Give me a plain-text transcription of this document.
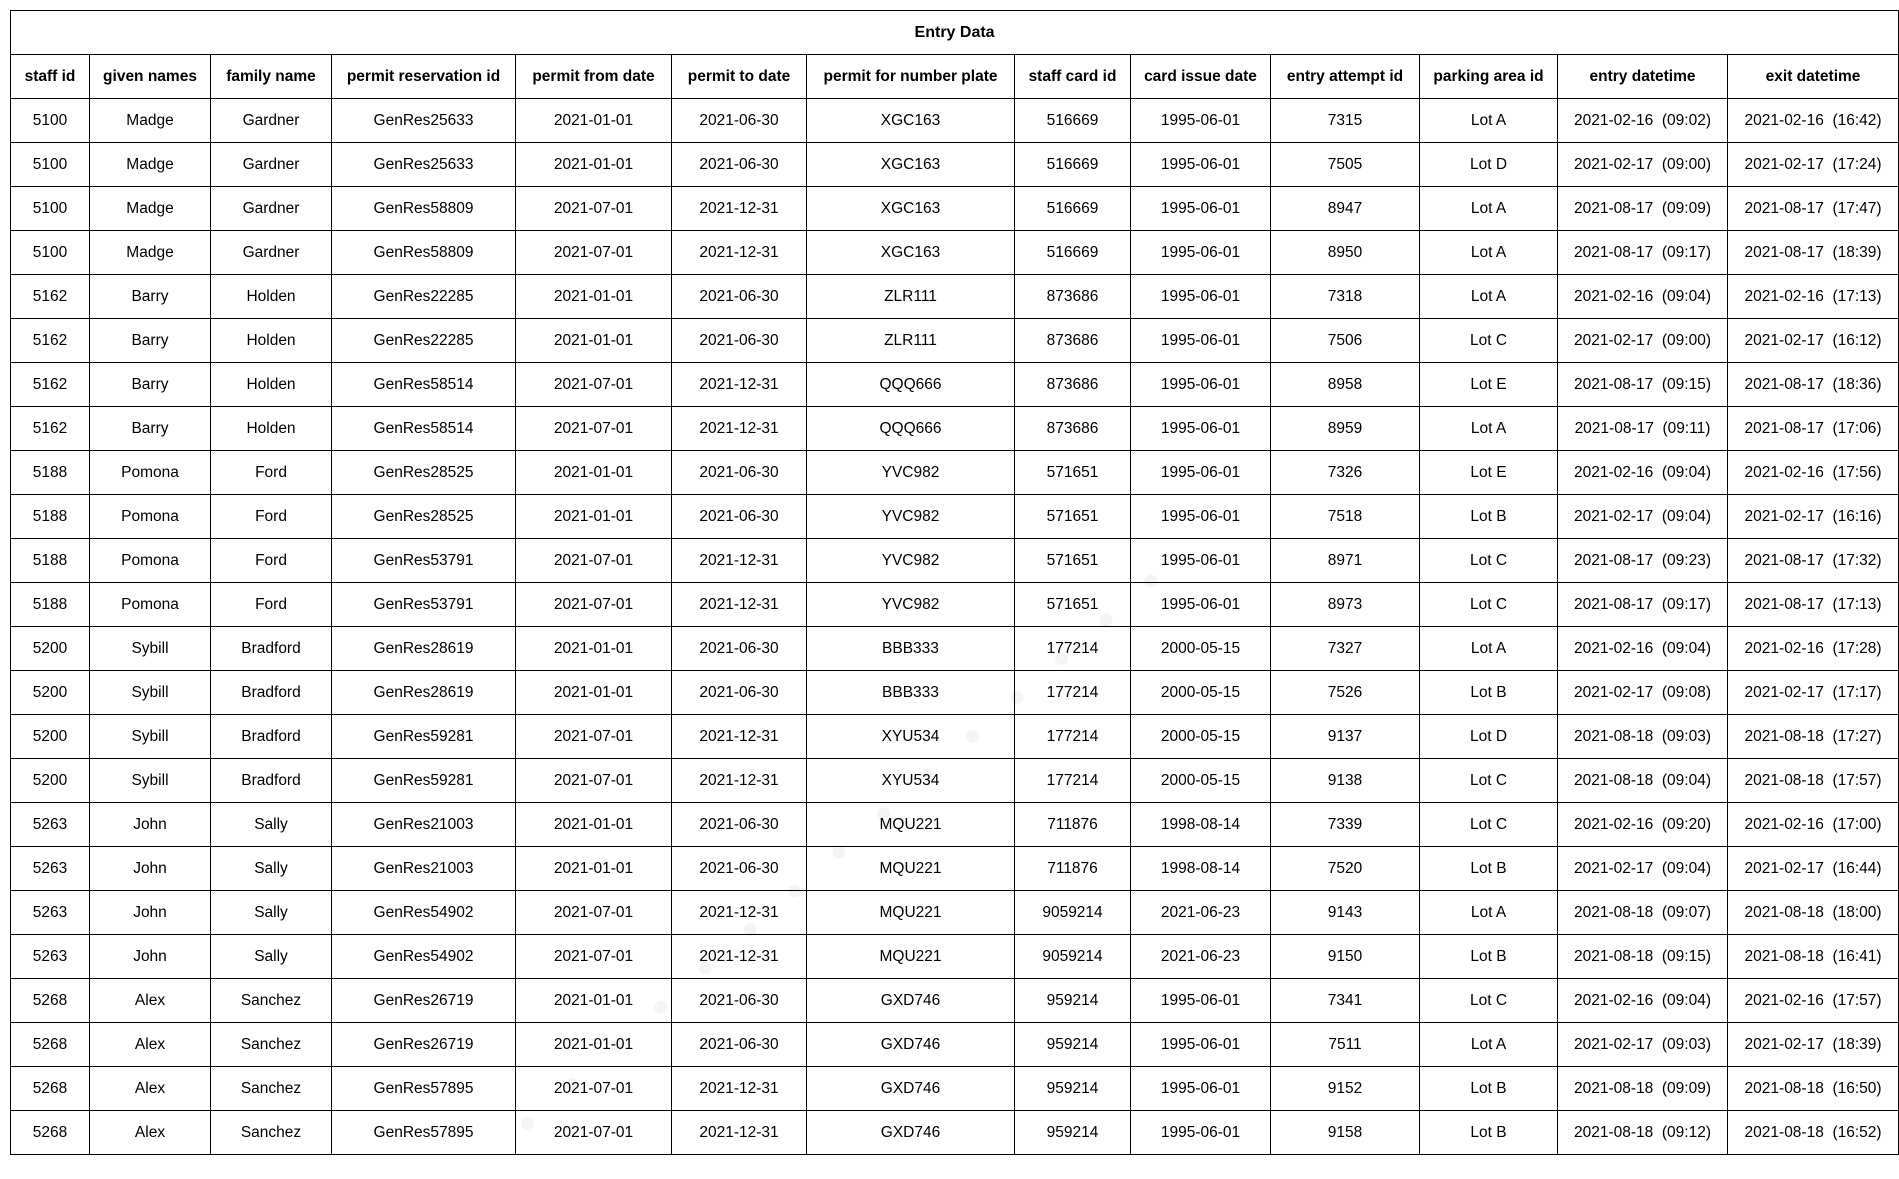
Entry Data												
staff id	given names	family name	permit reservation id	permit from date	permit to date	permit for number plate	staff card id	card issue date	entry attempt id	parking area id	entry datetime	exit datetime
5100	Madge	Gardner	GenRes25633	2021-01-01	2021-06-30	XGC163	516669	1995-06-01	7315	Lot A	2021-02-16  (09:02)	2021-02-16  (16:42)
5100	Madge	Gardner	GenRes25633	2021-01-01	2021-06-30	XGC163	516669	1995-06-01	7505	Lot D	2021-02-17  (09:00)	2021-02-17  (17:24)
5100	Madge	Gardner	GenRes58809	2021-07-01	2021-12-31	XGC163	516669	1995-06-01	8947	Lot A	2021-08-17  (09:09)	2021-08-17  (17:47)
5100	Madge	Gardner	GenRes58809	2021-07-01	2021-12-31	XGC163	516669	1995-06-01	8950	Lot A	2021-08-17  (09:17)	2021-08-17  (18:39)
5162	Barry	Holden	GenRes22285	2021-01-01	2021-06-30	ZLR111	873686	1995-06-01	7318	Lot A	2021-02-16  (09:04)	2021-02-16  (17:13)
5162	Barry	Holden	GenRes22285	2021-01-01	2021-06-30	ZLR111	873686	1995-06-01	7506	Lot C	2021-02-17  (09:00)	2021-02-17  (16:12)
5162	Barry	Holden	GenRes58514	2021-07-01	2021-12-31	QQQ666	873686	1995-06-01	8958	Lot E	2021-08-17  (09:15)	2021-08-17  (18:36)
5162	Barry	Holden	GenRes58514	2021-07-01	2021-12-31	QQQ666	873686	1995-06-01	8959	Lot A	2021-08-17  (09:11)	2021-08-17  (17:06)
5188	Pomona	Ford	GenRes28525	2021-01-01	2021-06-30	YVC982	571651	1995-06-01	7326	Lot E	2021-02-16  (09:04)	2021-02-16  (17:56)
5188	Pomona	Ford	GenRes28525	2021-01-01	2021-06-30	YVC982	571651	1995-06-01	7518	Lot B	2021-02-17  (09:04)	2021-02-17  (16:16)
5188	Pomona	Ford	GenRes53791	2021-07-01	2021-12-31	YVC982	571651	1995-06-01	8971	Lot C	2021-08-17  (09:23)	2021-08-17  (17:32)
5188	Pomona	Ford	GenRes53791	2021-07-01	2021-12-31	YVC982	571651	1995-06-01	8973	Lot C	2021-08-17  (09:17)	2021-08-17  (17:13)
5200	Sybill	Bradford	GenRes28619	2021-01-01	2021-06-30	BBB333	177214	2000-05-15	7327	Lot A	2021-02-16  (09:04)	2021-02-16  (17:28)
5200	Sybill	Bradford	GenRes28619	2021-01-01	2021-06-30	BBB333	177214	2000-05-15	7526	Lot B	2021-02-17  (09:08)	2021-02-17  (17:17)
5200	Sybill	Bradford	GenRes59281	2021-07-01	2021-12-31	XYU534	177214	2000-05-15	9137	Lot D	2021-08-18  (09:03)	2021-08-18  (17:27)
5200	Sybill	Bradford	GenRes59281	2021-07-01	2021-12-31	XYU534	177214	2000-05-15	9138	Lot C	2021-08-18  (09:04)	2021-08-18  (17:57)
5263	John	Sally	GenRes21003	2021-01-01	2021-06-30	MQU221	711876	1998-08-14	7339	Lot C	2021-02-16  (09:20)	2021-02-16  (17:00)
5263	John	Sally	GenRes21003	2021-01-01	2021-06-30	MQU221	711876	1998-08-14	7520	Lot B	2021-02-17  (09:04)	2021-02-17  (16:44)
5263	John	Sally	GenRes54902	2021-07-01	2021-12-31	MQU221	9059214	2021-06-23	9143	Lot A	2021-08-18  (09:07)	2021-08-18  (18:00)
5263	John	Sally	GenRes54902	2021-07-01	2021-12-31	MQU221	9059214	2021-06-23	9150	Lot B	2021-08-18  (09:15)	2021-08-18  (16:41)
5268	Alex	Sanchez	GenRes26719	2021-01-01	2021-06-30	GXD746	959214	1995-06-01	7341	Lot C	2021-02-16  (09:04)	2021-02-16  (17:57)
5268	Alex	Sanchez	GenRes26719	2021-01-01	2021-06-30	GXD746	959214	1995-06-01	7511	Lot A	2021-02-17  (09:03)	2021-02-17  (18:39)
5268	Alex	Sanchez	GenRes57895	2021-07-01	2021-12-31	GXD746	959214	1995-06-01	9152	Lot B	2021-08-18  (09:09)	2021-08-18  (16:50)
5268	Alex	Sanchez	GenRes57895	2021-07-01	2021-12-31	GXD746	959214	1995-06-01	9158	Lot B	2021-08-18  (09:12)	2021-08-18  (16:52)
